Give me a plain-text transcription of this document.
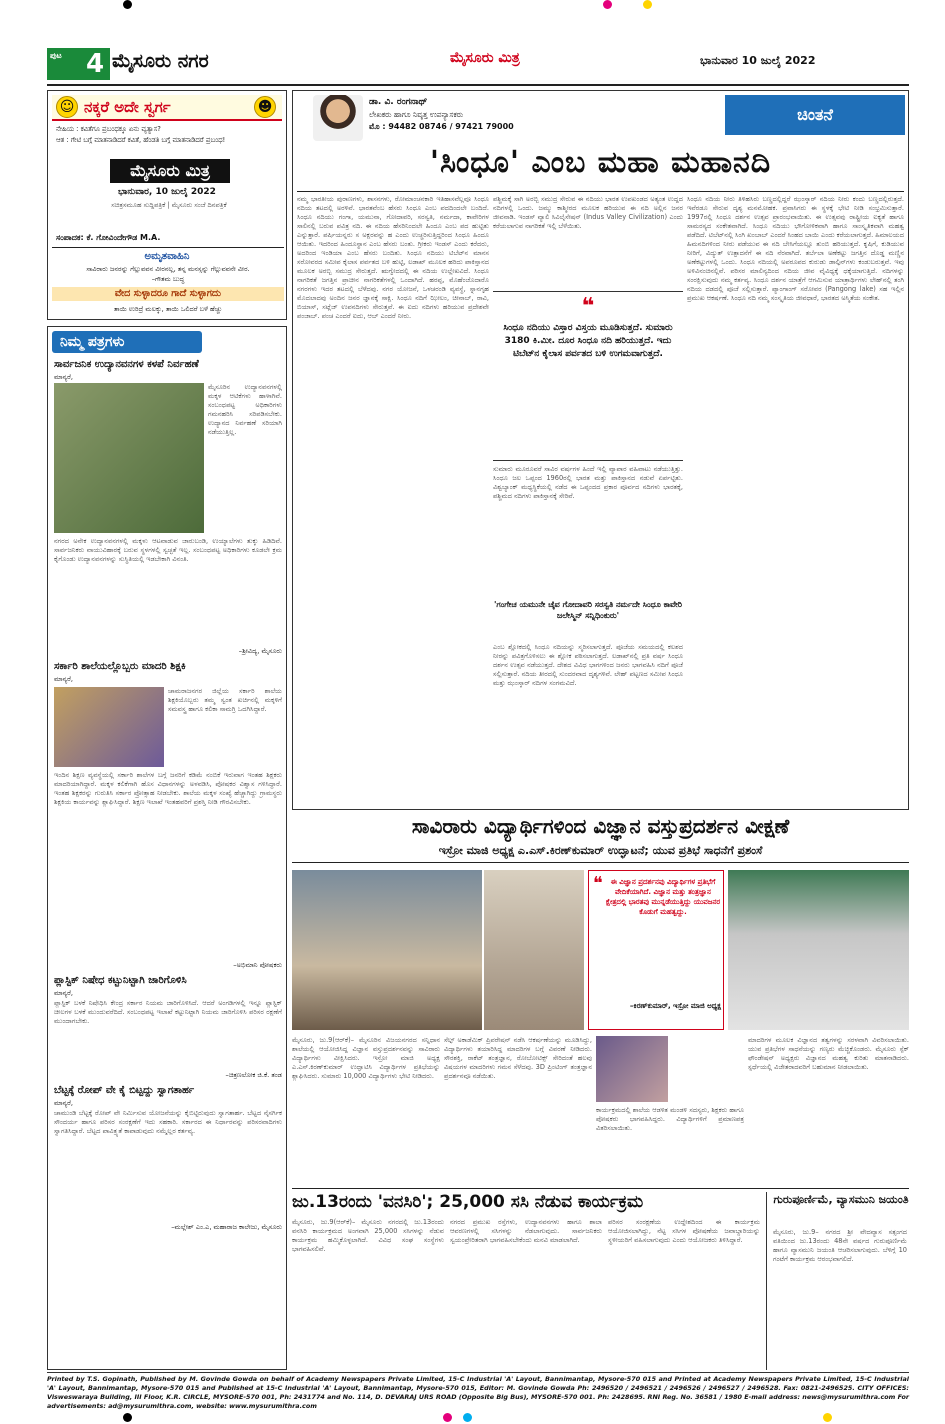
ಪುಟ 4 ಮೈಸೂರು ನಗರ	ಮೈಸೂರು ಮಿತ್ರ	ಭಾನುವಾರ 10 ಜುಲೈ 2022
☺ ನಕ್ಕರೆ ಅದೇ ಸ್ವರ್ಗ	☻
ನೇಹಿಯ : ಕವಿತೆಗೂ ಪ್ರಬಂಧಕ್ಕೂ ಏನು ವ್ಯತ್ಯಾಸ?
ಆತ : ಗೇಟಿ ಬಗ್ಗೆ ಮಾತನಾಡಿದರೆ ಕವಿತೆ, ಹೆಂಡತಿ ಬಗ್ಗೆ ಮಾತನಾಡಿದರೆ ಪ್ರಬಂಧ!
ಮೈಸೂರು ಮಿತ್ರ
ಭಾನುವಾರ, 10 ಜುಲೈ 2022
ಸಚಿತ್ರಸಮೂಹ ಸುದ್ದಿಪತ್ರಿಕೆ | ಮೈಸೂರು ಸಂಜೆ ದಿನಪತ್ರಿಕೆ
ಸಂಪಾದಕ: ಕೆ. ಗೋವಿಂದೇಗೌಡ M.A.
ಅಮೃತವಾಹಿನಿ
ಸಾವಿರಾರು ಜನರನ್ನು ಗೆಲ್ಲುವವನ ವೀರನಲ್ಲ, ತನ್ನ ಮನಸ್ಸನ್ನು ಗೆಲ್ಲುವವನೇ ವೀರ.
–ಗೌತಮ ಬುದ್ಧ
ವೇದ ಸುಳ್ಳಾದರೂ ಗಾದೆ ಸುಳ್ಳಾಗದು
ತಾಯಿ ಉರಿದ್ರೆ ಮಲಕ್ಕು, ತಾಯಿ ಒಲಿದರೆ ಬಳೆ ಹೆಚ್ಚು
ನಿಮ್ಮ ಪತ್ರಗಳು
ಸಾರ್ವಜನಿಕ ಉದ್ಯಾನವನಗಳ ಕಳಪೆ ನಿರ್ವಹಣೆ
ಮಾನ್ಯರೆ,
ಮೈಸೂರಿನ ಉದ್ಯಾನವನಗಳಲ್ಲಿ ಮಕ್ಕಳ ಆಟಿಕೆಗಳು ಹಾಳಾಗಿವೆ. ಸಂಬಂಧಪಟ್ಟ ಅಧಿಕಾರಿಗಳು ಗಮನಹರಿಸಿ ಸರಿಪಡಿಸಬೇಕು. ಉದ್ಯಾನದ ನಿರ್ವಹಣೆ ಸರಿಯಾಗಿ ನಡೆಯುತ್ತಿಲ್ಲ.
ನಗರದ ಅನೇಕ ಉದ್ಯಾನವನಗಳಲ್ಲಿ ಮಕ್ಕಳು ಆಟವಾಡುವ ಜಾರುಬಂಡಿ, ಉಯ್ಯಾಲೆಗಳು ತುಕ್ಕು ಹಿಡಿದಿವೆ. ಸಾರ್ವಜನಿಕರು ವಾಯುವಿಹಾರಕ್ಕೆ ಬರುವ ಸ್ಥಳಗಳಲ್ಲಿ ಸ್ವಚ್ಛತೆ ಇಲ್ಲ. ಸಂಬಂಧಪಟ್ಟ ಅಧಿಕಾರಿಗಳು ಕೂಡಲೇ ಕ್ರಮ ಕೈಗೊಂಡು ಉದ್ಯಾನವನಗಳನ್ನು ಸುಸ್ಥಿತಿಯಲ್ಲಿ ಇಡಬೇಕಾಗಿ ವಿನಂತಿ.
–ಶ್ರೀವಿದ್ಯ, ಮೈಸೂರು
ಸರ್ಕಾರಿ ಶಾಲೆಯಲ್ಲೊಬ್ಬರು ಮಾದರಿ ಶಿಕ್ಷಕಿ
ಮಾನ್ಯರೆ,
ಚಾಮರಾಜನಗರ ಜಿಲ್ಲೆಯ ಸರ್ಕಾರಿ ಶಾಲೆಯ ಶಿಕ್ಷಕಿಯೊಬ್ಬರು ತಮ್ಮ ಸ್ವಂತ ಖರ್ಚಿನಲ್ಲಿ ಮಕ್ಕಳಿಗೆ ಸಮವಸ್ತ್ರ ಹಾಗೂ ಕಲಿಕಾ ಸಾಮಗ್ರಿ ಒದಗಿಸಿದ್ದಾರೆ.
ಇಂದಿನ ಶಿಕ್ಷಣ ವ್ಯವಸ್ಥೆಯಲ್ಲಿ ಸರ್ಕಾರಿ ಶಾಲೆಗಳ ಬಗ್ಗೆ ಜನರಿಗೆ ಕಡಿಮೆ ನಂಬಿಕೆ ಇರುವಾಗ ಇಂತಹ ಶಿಕ್ಷಕರು ಮಾದರಿಯಾಗಿದ್ದಾರೆ. ಮಕ್ಕಳ ಕಲಿಕೆಗಾಗಿ ಹೊಸ ವಿಧಾನಗಳನ್ನು ಅಳವಡಿಸಿ, ಪೋಷಕರ ವಿಶ್ವಾಸ ಗಳಿಸಿದ್ದಾರೆ. ಇಂತಹ ಶಿಕ್ಷಕರನ್ನು ಗುರುತಿಸಿ ಸರ್ಕಾರ ಪ್ರೋತ್ಸಾಹ ನೀಡಬೇಕು. ಶಾಲೆಯ ಮಕ್ಕಳ ಸಂಖ್ಯೆ ಹೆಚ್ಚಾಗಿದ್ದು ಗ್ರಾಮಸ್ಥರು ಶಿಕ್ಷಕಿಯ ಕಾರ್ಯವನ್ನು ಶ್ಲಾಘಿಸಿದ್ದಾರೆ. ಶಿಕ್ಷಣ ಇಲಾಖೆ ಇಂತಹವರಿಗೆ ಪ್ರಶಸ್ತಿ ನೀಡಿ ಗೌರವಿಸಬೇಕು.
–ಅಭಿಮಾನಿ ಪೋಷಕರು
ಪ್ಲಾಸ್ಟಿಕ್ ನಿಷೇಧ ಕಟ್ಟುನಿಟ್ಟಾಗಿ ಜಾರಿಗೊಳಿಸಿ
ಮಾನ್ಯರೆ,
ಪ್ಲಾಸ್ಟಿಕ್ ಬಳಕೆ ನಿಷೇಧಿಸಿ ಕೇಂದ್ರ ಸರ್ಕಾರ ನಿಯಮ ಜಾರಿಗೊಳಿಸಿದೆ. ಆದರೆ ಅಂಗಡಿಗಳಲ್ಲಿ ಇನ್ನೂ ಪ್ಲಾಸ್ಟಿಕ್ ಚೀಲಗಳ ಬಳಕೆ ಮುಂದುವರೆದಿದೆ. ಸಂಬಂಧಪಟ್ಟ ಇಲಾಖೆ ಕಟ್ಟುನಿಟ್ಟಾಗಿ ನಿಯಮ ಜಾರಿಗೊಳಿಸಿ ಪರಿಸರ ರಕ್ಷಣೆಗೆ ಮುಂದಾಗಬೇಕು.
–ಚಿತ್ರಣಲೋಕ ಜಿ.ಕೆ. ತಂಡ
ಬೆಟ್ಟಕ್ಕೆ ರೋಪ್ ವೇ ಕೈ ಬಿಟ್ಟದ್ದು ಸ್ವಾಗತಾರ್ಹ
ಮಾನ್ಯರೆ,
ಚಾಮುಂಡಿ ಬೆಟ್ಟಕ್ಕೆ ರೋಪ್ ವೇ ನಿರ್ಮಿಸುವ ಯೋಜನೆಯನ್ನು ಕೈಬಿಟ್ಟಿರುವುದು ಸ್ವಾಗತಾರ್ಹ. ಬೆಟ್ಟದ ನೈಸರ್ಗಿಕ ಸೌಂದರ್ಯ ಹಾಗೂ ಪರಿಸರ ಸಂರಕ್ಷಣೆಗೆ ಇದು ಸಹಕಾರಿ. ಸರ್ಕಾರದ ಈ ನಿರ್ಧಾರವನ್ನು ಪರಿಸರವಾದಿಗಳು ಸ್ವಾಗತಿಸಿದ್ದಾರೆ. ಬೆಟ್ಟದ ಪಾವಿತ್ರ್ಯತೆ ಕಾಪಾಡುವುದು ನಮ್ಮೆಲ್ಲರ ಕರ್ತವ್ಯ.
–ಮಲ್ಲೇಶ್ ಎಂ.ಎ, ಮಹಾರಾಜ ಕಾಲೇಜು, ಮೈಸೂರು
ಡಾ. ವಿ. ರಂಗನಾಥ್
ಲೇಖಕರು ಹಾಗೂ ನಿವೃತ್ತ ಉಪನ್ಯಾಸಕರು
ಮೊ : 94482 08746 / 97421 79000
ಚಿಂತನೆ
'ಸಿಂಧೂ' ಎಂಬ ಮಹಾ ಮಹಾನದಿ
ನಮ್ಮ ಭಾರತೀಯ ಪುರಾಣಗಳು, ಶಾಸನಗಳು, ರೋಮಾಂಚನಕಾರಿ ಇತಿಹಾಸವೆಲ್ಲವೂ ಸಿಂಧೂ ನದಿಯ ತಟದಲ್ಲಿ ಅರಳಿವೆ. ಭಾರತವೆಂಬ ಹೆಸರು ಸಿಂಧೂ ಎಂಬ ಪದದಿಂದಲೇ ಬಂದಿದೆ. ಸಿಂಧೂ ನದಿಯು ಗಂಗಾ, ಯಮುನಾ, ಗೋದಾವರಿ, ಸರಸ್ವತಿ, ನರ್ಮದಾ, ಕಾವೇರಿಗಳ ಸಾಲಿನಲ್ಲಿ ಬರುವ ಪವಿತ್ರ ನದಿ. ಈ ನದಿಯ ಹೆಸರಿನಿಂದಲೇ ಹಿಂದೂ ಎಂಬ ಪದ ಹುಟ್ಟಿತು ಎನ್ನುತ್ತಾರೆ. ಪರ್ಷಿಯನ್ನರು ಸ ಅಕ್ಷರವನ್ನು ಹ ಎಂದು ಉಚ್ಚರಿಸುತ್ತಿದ್ದರಿಂದ ಸಿಂಧೂ ಹಿಂದೂ ಆಯಿತು. ಇದರಿಂದ ಹಿಂದೂಸ್ಥಾನ ಎಂಬ ಹೆಸರು ಬಂತು. ಗ್ರೀಕರು ಇಂಡಸ್ ಎಂದು ಕರೆದರು, ಅದರಿಂದ ಇಂಡಿಯಾ ಎಂಬ ಹೆಸರು ಬಂದಿತು. ಸಿಂಧೂ ನದಿಯು ಟಿಬೆಟ್‌ನ ಮಾನಸ ಸರೋವರದ ಸಮೀಪ ಕೈಲಾಸ ಪರ್ವತದ ಬಳಿ ಹುಟ್ಟಿ, ಲಡಾಖ್ ಮೂಲಕ ಹರಿದು ಪಾಕಿಸ್ತಾನದ ಮೂಲಕ ಅರಬ್ಬಿ ಸಮುದ್ರ ಸೇರುತ್ತದೆ. ಋಗ್ವೇದದಲ್ಲಿ ಈ ನದಿಯ ಉಲ್ಲೇಖವಿದೆ. ಸಿಂಧೂ ನಾಗರಿಕತೆ ಜಗತ್ತಿನ ಪ್ರಾಚೀನ ನಾಗರಿಕತೆಗಳಲ್ಲಿ ಒಂದಾಗಿದೆ. ಹರಪ್ಪ, ಮೊಹೆಂಜೊದಾರೊ ನಗರಗಳು ಇದರ ತಟದಲ್ಲಿ ಬೆಳೆದವು. ನಗರ ಯೋಜನೆ, ಒಳಚರಂಡಿ ವ್ಯವಸ್ಥೆ, ಸ್ನಾನಗೃಹ ಮೊದಲಾದವು ಅಂದಿನ ಜನರ ಜ್ಞಾನಕ್ಕೆ ಸಾಕ್ಷಿ. ಸಿಂಧೂ ನದಿಗೆ ಝೀಲಂ, ಚೀನಾಬ್, ರಾವಿ, ಬಿಯಾಸ್, ಸಟ್ಲೆಜ್ ಉಪನದಿಗಳು ಸೇರುತ್ತವೆ. ಈ ಐದು ನದಿಗಳು ಹರಿಯುವ ಪ್ರದೇಶವೇ ಪಂಜಾಬ್. ಪಂಚ ಎಂದರೆ ಐದು, ಆಬ್ ಎಂದರೆ ನೀರು.	❝
ಸಿಂಧೂ ನದಿಯು ವಿಸ್ತಾರ ವಿಸ್ತಯ ಮೂಡಿಸುತ್ತದೆ. ಸುಮಾರು 3180 ಕಿ.ಮೀ. ದೂರ ಸಿಂಧೂ ನದಿ ಹರಿಯುತ್ತದೆ. ಇದು ಟಿಬೆಟ್‌ನ ಕೈಲಾಸ ಪರ್ವತದ ಬಳಿ ಉಗಮವಾಗುತ್ತದೆ.
ಪಶ್ಚಿಮಕ್ಕೆ ಸಾಗಿ ಅರಬ್ಬಿ ಸಮುದ್ರ ಸೇರುವ ಈ ನದಿಯು ಭಾರತ ಉಪಖಂಡದ ಅತ್ಯಂತ ಉದ್ದದ ನದಿಗಳಲ್ಲಿ ಒಂದು. ಜಮ್ಮು ಕಾಶ್ಮೀರದ ಮೂಲಕ ಹರಿಯುವ ಈ ನದಿ ಅಲ್ಲಿನ ಜನರ ಜೀವನಾಡಿ. ಇಂಡಸ್ ವ್ಯಾಲಿ ಸಿವಿಲೈಸೇಷನ್ (Indus Valley Civilization) ಎಂದು ಕರೆಯಲಾಗುವ ನಾಗರಿಕತೆ ಇಲ್ಲಿ ಬೆಳೆಯಿತು.
ಸುಮಾರು ಮೂರೂವರೆ ಸಾವಿರ ವರ್ಷಗಳ ಹಿಂದೆ ಇಲ್ಲಿ ವ್ಯಾಪಾರ ವಹಿವಾಟು ನಡೆಯುತ್ತಿತ್ತು. ಸಿಂಧೂ ಜಲ ಒಪ್ಪಂದ 1960ರಲ್ಲಿ ಭಾರತ ಮತ್ತು ಪಾಕಿಸ್ತಾನದ ನಡುವೆ ಏರ್ಪಟ್ಟಿತು. ವಿಶ್ವಬ್ಯಾಂಕ್ ಮಧ್ಯಸ್ಥಿಕೆಯಲ್ಲಿ ನಡೆದ ಈ ಒಪ್ಪಂದದ ಪ್ರಕಾರ ಪೂರ್ವದ ನದಿಗಳು ಭಾರತಕ್ಕೆ, ಪಶ್ಚಿಮದ ನದಿಗಳು ಪಾಕಿಸ್ತಾನಕ್ಕೆ ಸೇರಿವೆ.
'ಗಂಗೇಚ ಯಮುನೇ ಚೈವ ಗೋದಾವರಿ ಸರಸ್ವತಿ ನರ್ಮದೇ ಸಿಂಧೂ ಕಾವೇರಿ ಜಲೇಸ್ಮಿನ್ ಸನ್ನಿಧಿಂಕುರು'
ಎಂಬ ಶ್ಲೋಕದಲ್ಲಿ ಸಿಂಧೂ ನದಿಯನ್ನು ಸ್ಮರಿಸಲಾಗುತ್ತದೆ. ಪೂಜೆಯ ಸಮಯದಲ್ಲಿ ಕಲಶದ ನೀರನ್ನು ಪವಿತ್ರಗೊಳಿಸಲು ಈ ಶ್ಲೋಕ ಪಠಿಸಲಾಗುತ್ತದೆ. ಲಡಾಖ್‌ನಲ್ಲಿ ಪ್ರತಿ ವರ್ಷ ಸಿಂಧೂ ದರ್ಶನ ಉತ್ಸವ ನಡೆಯುತ್ತದೆ. ದೇಶದ ವಿವಿಧ ಭಾಗಗಳಿಂದ ಜನರು ಭಾಗವಹಿಸಿ ನದಿಗೆ ಪೂಜೆ ಸಲ್ಲಿಸುತ್ತಾರೆ. ನದಿಯ ತೀರದಲ್ಲಿ ಸುಂದರವಾದ ದೃಶ್ಯಗಳಿವೆ. ಲೇಹ್ ಪಟ್ಟಣದ ಸಮೀಪ ಸಿಂಧೂ ಮತ್ತು ಝಂಸ್ಕಾರ್ ನದಿಗಳ ಸಂಗಮವಿದೆ.
ಸಿಂಧೂ ನದಿಯ ನೀರು ತಿಳಿಹಸಿರು ಬಣ್ಣದಲ್ಲಿದ್ದರೆ ಝಂಸ್ಕಾರ್ ನದಿಯ ನೀರು ಕಂದು ಬಣ್ಣದಲ್ಲಿರುತ್ತದೆ. ಇವೆರಡೂ ಸೇರುವ ದೃಶ್ಯ ಮನಮೋಹಕ. ಪ್ರವಾಸಿಗರು ಈ ಸ್ಥಳಕ್ಕೆ ಭೇಟಿ ನೀಡಿ ಸಂಭ್ರಮಿಸುತ್ತಾರೆ. 1997ರಲ್ಲಿ ಸಿಂಧೂ ದರ್ಶನ ಉತ್ಸವ ಪ್ರಾರಂಭವಾಯಿತು. ಈ ಉತ್ಸವವು ರಾಷ್ಟ್ರೀಯ ಐಕ್ಯತೆ ಹಾಗೂ ಸಾಮರಸ್ಯದ ಸಂಕೇತವಾಗಿದೆ. ಸಿಂಧೂ ನದಿಯು ಭೌಗೋಳಿಕವಾಗಿ ಹಾಗೂ ಸಾಂಸ್ಕೃತಿಕವಾಗಿ ಮಹತ್ವ ಪಡೆದಿದೆ. ಟಿಬೆಟ್‌ನಲ್ಲಿ ಸಿಂಗಿ ಖಂಬಾಬ್ ಎಂದರೆ ಸಿಂಹದ ಬಾಯಿ ಎಂದು ಕರೆಯಲಾಗುತ್ತದೆ. ಹಿಮಾಲಯದ ಹಿಮನದಿಗಳಿಂದ ನೀರು ಪಡೆಯುವ ಈ ನದಿ ಬೇಸಿಗೆಯಲ್ಲೂ ತುಂಬಿ ಹರಿಯುತ್ತದೆ. ಕೃಷಿಗೆ, ಕುಡಿಯುವ ನೀರಿಗೆ, ವಿದ್ಯುತ್ ಉತ್ಪಾದನೆಗೆ ಈ ನದಿ ನೆರವಾಗಿದೆ. ತರ್ಬೆಲಾ ಅಣೆಕಟ್ಟು ಜಗತ್ತಿನ ದೊಡ್ಡ ಮಣ್ಣಿನ ಅಣೆಕಟ್ಟುಗಳಲ್ಲಿ ಒಂದು. ಸಿಂಧೂ ನದಿಯಲ್ಲಿ ಅಪರೂಪದ ಕುರುಡು ಡಾಲ್ಫಿನ್‌ಗಳು ಕಂಡುಬರುತ್ತವೆ. ಇವು ಅಳಿವಿನಂಚಿನಲ್ಲಿವೆ. ಪರಿಸರ ಮಾಲಿನ್ಯದಿಂದ ನದಿಯ ಜೀವ ವೈವಿಧ್ಯಕ್ಕೆ ಧಕ್ಕೆಯಾಗುತ್ತಿದೆ. ನದಿಗಳನ್ನು ಸಂರಕ್ಷಿಸುವುದು ನಮ್ಮ ಕರ್ತವ್ಯ. ಸಿಂಧೂ ದರ್ಶನ ಯಾತ್ರೆಗೆ ಆಗಮಿಸುವ ಯಾತ್ರಾರ್ಥಿಗಳು ಲೇಹ್‌ನಲ್ಲಿ ತಂಗಿ ನದಿಯ ದಡದಲ್ಲಿ ಪೂಜೆ ಸಲ್ಲಿಸುತ್ತಾರೆ. ಪ್ಯಾಂಗಾಂಗ್ ಸರೋವರ (Pangong lake) ಸಹ ಇಲ್ಲಿನ ಪ್ರಮುಖ ಆಕರ್ಷಣೆ. ಸಿಂಧೂ ನದಿ ನಮ್ಮ ಸಂಸ್ಕೃತಿಯ ಜೀವಧಾರೆ, ಭಾರತದ ಅಸ್ಮಿತೆಯ ಸಂಕೇತ.
ಸಾವಿರಾರು ವಿದ್ಯಾರ್ಥಿಗಳಿಂದ ವಿಜ್ಞಾನ ವಸ್ತುಪ್ರದರ್ಶನ ವೀಕ್ಷಣೆ
ಇಸ್ರೋ ಮಾಜಿ ಅಧ್ಯಕ್ಷ ಎ.ಎಸ್.ಕಿರಣ್‌ಕುಮಾರ್ ಉದ್ಘಾಟನೆ; ಯುವ ಪ್ರತಿಭೆ ಸಾಧನೆಗೆ ಪ್ರಶಂಸೆ
❝	ಈ ವಿಜ್ಞಾನ ಪ್ರದರ್ಶನವು ವಿದ್ಯಾರ್ಥಿಗಳ ಪ್ರತಿಭೆಗೆ ವೇದಿಕೆಯಾಗಿದೆ. ವಿಜ್ಞಾನ ಮತ್ತು ತಂತ್ರಜ್ಞಾನ ಕ್ಷೇತ್ರದಲ್ಲಿ ಭಾರತವು ಮುನ್ನಡೆಯುತ್ತಿದ್ದು ಯುವಜನರ ಕೊಡುಗೆ ಮಹತ್ವದ್ದು.
–ಕಿರಣ್‌ಕುಮಾರ್, ಇಸ್ರೋ ಮಾಜಿ ಅಧ್ಯಕ್ಷ
ಮೈಸೂರು, ಜು.9(ಆರ್‌ಕೆ)– ಮೈಸೂರಿನ ವಿಜಯನಗರದ ಸನ್ನಿಧಾನ ಶಾಲೆಯಲ್ಲಿ ಆಯೋಜಿಸಿದ್ದ ವಿಜ್ಞಾನ ವಸ್ತುಪ್ರದರ್ಶನವನ್ನು ಸಾವಿರಾರು ವಿದ್ಯಾರ್ಥಿಗಳು ವೀಕ್ಷಿಸಿದರು. ಇಸ್ರೋ ಮಾಜಿ ಅಧ್ಯಕ್ಷ ಎ.ಎಸ್.ಕಿರಣ್‌ಕುಮಾರ್ ಉದ್ಘಾಟಿಸಿ ವಿದ್ಯಾರ್ಥಿಗಳ ಪ್ರತಿಭೆಯನ್ನು ಶ್ಲಾಘಿಸಿದರು. ಸುಮಾರು 10,000 ವಿದ್ಯಾರ್ಥಿಗಳು ಭೇಟಿ ನೀಡಿದರು.
ಸೆಲ್ಫ್ ಅಕಾಡೆಮಿಕ್ ಪ್ರಿಪರೇಷನ್ ನಡೆಸಿ ಆಕರ್ಷಣೆಯನ್ನು ಮೂಡಿಸಿದ್ದು, ವಿದ್ಯಾರ್ಥಿಗಳು ತಯಾರಿಸಿದ್ದ ಮಾದರಿಗಳ ಬಗ್ಗೆ ವಿವರಣೆ ನೀಡಿದರು. ಸೌರಶಕ್ತಿ, ರಾಕೆಟ್ ತಂತ್ರಜ್ಞಾನ, ರೋಬೋಟಿಕ್ಸ್ ಸೇರಿದಂತೆ ಹಲವು ವಿಷಯಗಳ ಮಾದರಿಗಳು ಗಮನ ಸೆಳೆದವು. 3D ಪ್ರಿಂಟಿಂಗ್ ತಂತ್ರಜ್ಞಾನ ಪ್ರದರ್ಶನವೂ ನಡೆಯಿತು.
ಕಾರ್ಯಕ್ರಮದಲ್ಲಿ ಶಾಲೆಯ ಆಡಳಿತ ಮಂಡಳಿ ಸದಸ್ಯರು, ಶಿಕ್ಷಕರು ಹಾಗೂ ಪೋಷಕರು ಭಾಗವಹಿಸಿದ್ದರು. ವಿದ್ಯಾರ್ಥಿಗಳಿಗೆ ಪ್ರಮಾಣಪತ್ರ ವಿತರಿಸಲಾಯಿತು.
ಮಾದರಿಗಳ ಮೂಲಕ ವಿಜ್ಞಾನದ ತತ್ವಗಳನ್ನು ಸರಳವಾಗಿ ವಿವರಿಸಲಾಯಿತು. ಯುವ ಪ್ರತಿಭೆಗಳ ಸಾಧನೆಯನ್ನು ಗಣ್ಯರು ಮೆಚ್ಚಿಕೊಂಡರು. ಮೈಸೂರು ಸ್ಪೆಕ್ ಫೌಂಡೇಷನ್ ಅಧ್ಯಕ್ಷರು ವಿಜ್ಞಾನದ ಮಹತ್ವ ಕುರಿತು ಮಾತನಾಡಿದರು. ಸ್ಪರ್ಧೆಯಲ್ಲಿ ವಿಜೇತರಾದವರಿಗೆ ಬಹುಮಾನ ನೀಡಲಾಯಿತು.
ಜು.13ರಂದು 'ವನಸಿರಿ'; 25,000 ಸಸಿ ನೆಡುವ ಕಾರ್ಯಕ್ರಮ
ಮೈಸೂರು, ಜು.9(ಆರ್‌ಕೆ)– ಮೈಸೂರು ನಗರದಲ್ಲಿ ಜು.13ರಂದು ವನಸಿರಿ ಕಾರ್ಯಕ್ರಮದ ಅಂಗವಾಗಿ 25,000 ಸಸಿಗಳನ್ನು ನೆಡುವ ಕಾರ್ಯಕ್ರಮ ಹಮ್ಮಿಕೊಳ್ಳಲಾಗಿದೆ. ವಿವಿಧ ಸಂಘ ಸಂಸ್ಥೆಗಳು ಭಾಗವಹಿಸಲಿವೆ.
ನಗರದ ಪ್ರಮುಖ ರಸ್ತೆಗಳು, ಉದ್ಯಾನವನಗಳು ಹಾಗೂ ಶಾಲಾ ಆವರಣಗಳಲ್ಲಿ ಸಸಿಗಳನ್ನು ನೆಡಲಾಗುವುದು. ಸಾರ್ವಜನಿಕರು ಸ್ವಯಂಪ್ರೇರಿತರಾಗಿ ಭಾಗವಹಿಸಬೇಕೆಂದು ಮನವಿ ಮಾಡಲಾಗಿದೆ.
ಪರಿಸರ ಸಂರಕ್ಷಣೆಯ ಉದ್ದೇಶದಿಂದ ಈ ಕಾರ್ಯಕ್ರಮ ಆಯೋಜಿಸಲಾಗಿದ್ದು, ನೆಟ್ಟ ಸಸಿಗಳ ಪೋಷಣೆಯ ಜವಾಬ್ದಾರಿಯನ್ನು ಸ್ಥಳೀಯರಿಗೆ ವಹಿಸಲಾಗುವುದು ಎಂದು ಆಯೋಜಕರು ತಿಳಿಸಿದ್ದಾರೆ.
ಗುರುಪೂರ್ಣಿಮೆ, ವ್ಯಾಸಮುನಿ ಜಯಂತಿ
ಮೈಸೂರು, ಜು.9– ನಗರದ ಶ್ರೀ ವೇದವ್ಯಾಸ ಸತ್ಸಂಗದ ವತಿಯಿಂದ ಜು.13ರಂದು 48ನೇ ವರ್ಷದ ಗುರುಪೂರ್ಣಿಮೆ ಹಾಗೂ ವ್ಯಾಸಮುನಿ ಜಯಂತಿ ಆಚರಿಸಲಾಗುವುದು. ಬೆಳಿಗ್ಗೆ 10 ಗಂಟೆಗೆ ಕಾರ್ಯಕ್ರಮ ಆರಂಭವಾಗಲಿದೆ.
Printed by T.S. Gopinath, Published by M. Govinde Gowda on behalf of Academy Newspapers Private Limited, 15-C Industrial 'A' Layout, Bannimantap, Mysore-570 015 and Printed at Academy Newspapers Private Limited, 15-C Industrial 'A' Layout, Bannimantap, Mysore-570 015 and Published at 15-C Industrial 'A' Layout, Bannimantap, Mysore-570 015, Editor: M. Govinde Gowda Ph: 2496520 / 2496521 / 2496526 / 2496527 / 2496528. Fax: 0821-2496525. CITY OFFICES: Visweswaraya Building, III Floor, K.R. CIRCLE, MYSORE-570 001, Ph: 2431774 and No. 114, D. DEVARAJ URS ROAD (Opposite Big Bus), MYSORE-570 001. Ph: 2428695. RNI Reg. No. 36581 / 1980 E-mail address: news@mysurumithra.com For advertisements: ad@mysurumithra.com, website: www.mysurumithra.com
